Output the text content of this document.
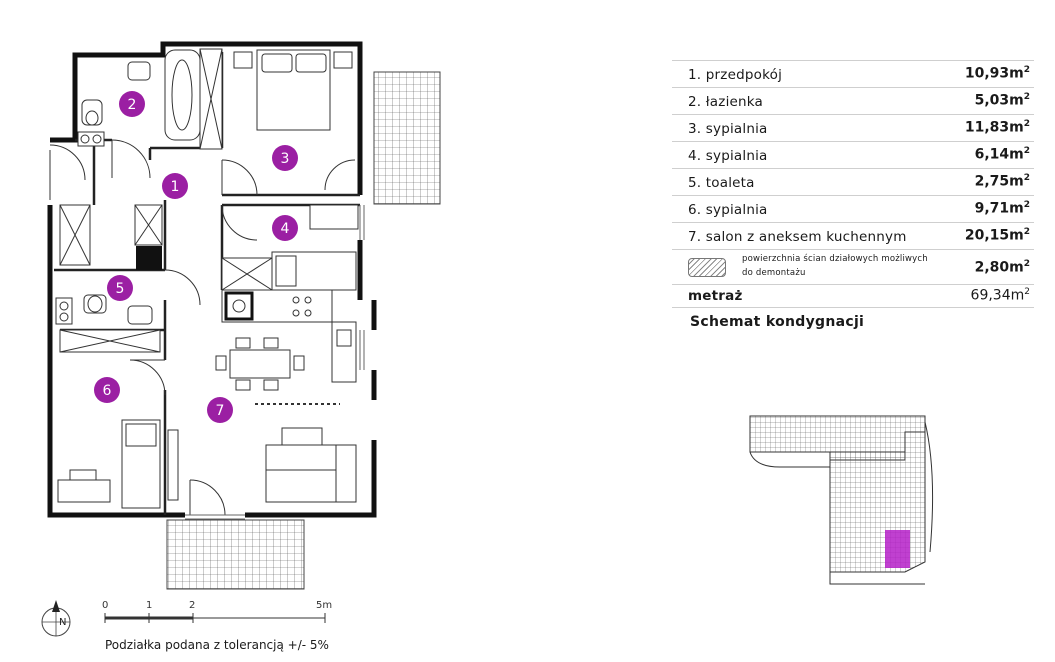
1
2
3
4
5
6
7
N
0	1	2	5m
Podziałka podana z tolerancją +/- 5%
1. przedpokój	$10,93m^2$
2. łazienka	$5,03m^2$
3. sypialnia	$11,83m^2$
4. sypialnia	$6,14m^2$
5. toaleta	$2,75m^2$
6. sypialnia	$9,71m^2$
7. salon z aneksem kuchennym	$20,15m^2$
powierzchnia ścian działowych możliwych do demontażu	$2,80m^2$
metraż	$69,34m^2$
Schemat kondygnacji
